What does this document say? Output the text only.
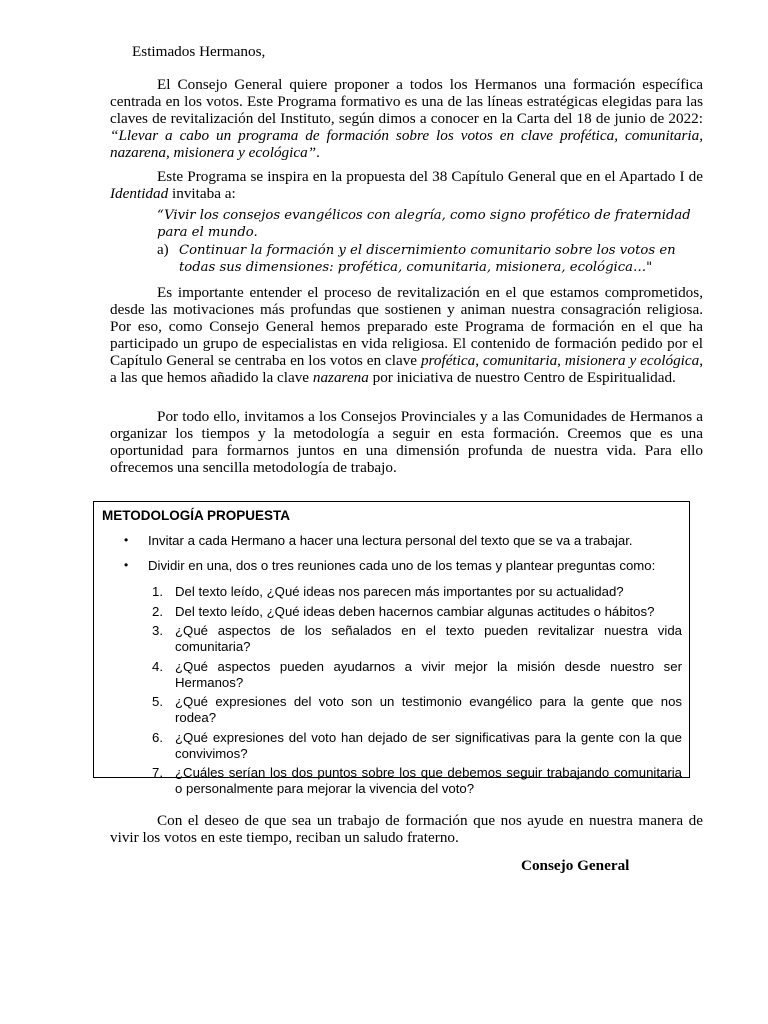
Estimados Hermanos,

El Consejo General quiere proponer a todos los Hermanos una formación específica centrada en los votos. Este Programa formativo es una de las líneas estratégicas elegidas para las claves de revitalización del Instituto, según dimos a conocer en la Carta del 18 de junio de 2022: “Llevar a cabo un programa de formación sobre los votos en clave profética, comunitaria, nazarena, misionera y ecológica”.

Este Programa se inspira en la propuesta del 38 Capítulo General que en el Apartado I de Identidad invitaba a:

“Vivir los consejos evangélicos con alegría, como signo profético de fraternidad para el mundo.
a) Continuar la formación y el discernimiento comunitario sobre los votos en todas sus dimensiones: profética, comunitaria, misionera, ecológica…"

Es importante entender el proceso de revitalización en el que estamos comprometidos, desde las motivaciones más profundas que sostienen y animan nuestra consagración religiosa. Por eso, como Consejo General hemos preparado este Programa de formación en el que ha participado un grupo de especialistas en vida religiosa. El contenido de formación pedido por el Capítulo General se centraba en los votos en clave profética, comunitaria, misionera y ecológica, a las que hemos añadido la clave nazarena por iniciativa de nuestro Centro de Espiritualidad.

Por todo ello, invitamos a los Consejos Provinciales y a las Comunidades de Hermanos a organizar los tiempos y la metodología a seguir en esta formación. Creemos que es una oportunidad para formarnos juntos en una dimensión profunda de nuestra vida. Para ello ofrecemos una sencilla metodología de trabajo.

METODOLOGÍA PROPUESTA
• Invitar a cada Hermano a hacer una lectura personal del texto que se va a trabajar.
• Dividir en una, dos o tres reuniones cada uno de los temas y plantear preguntas como:
1. Del texto leído, ¿Qué ideas nos parecen más importantes por su actualidad?
2. Del texto leído, ¿Qué ideas deben hacernos cambiar algunas actitudes o hábitos?
3. ¿Qué aspectos de los señalados en el texto pueden revitalizar nuestra vida comunitaria?
4. ¿Qué aspectos pueden ayudarnos a vivir mejor la misión desde nuestro ser Hermanos?
5. ¿Qué expresiones del voto son un testimonio evangélico para la gente que nos rodea?
6. ¿Qué expresiones del voto han dejado de ser significativas para la gente con la que convivimos?
7. ¿Cuáles serían los dos puntos sobre los que debemos seguir trabajando comunitaria o personalmente para mejorar la vivencia del voto?

Con el deseo de que sea un trabajo de formación que nos ayude en nuestra manera de vivir los votos en este tiempo, reciban un saludo fraterno.

Consejo General
